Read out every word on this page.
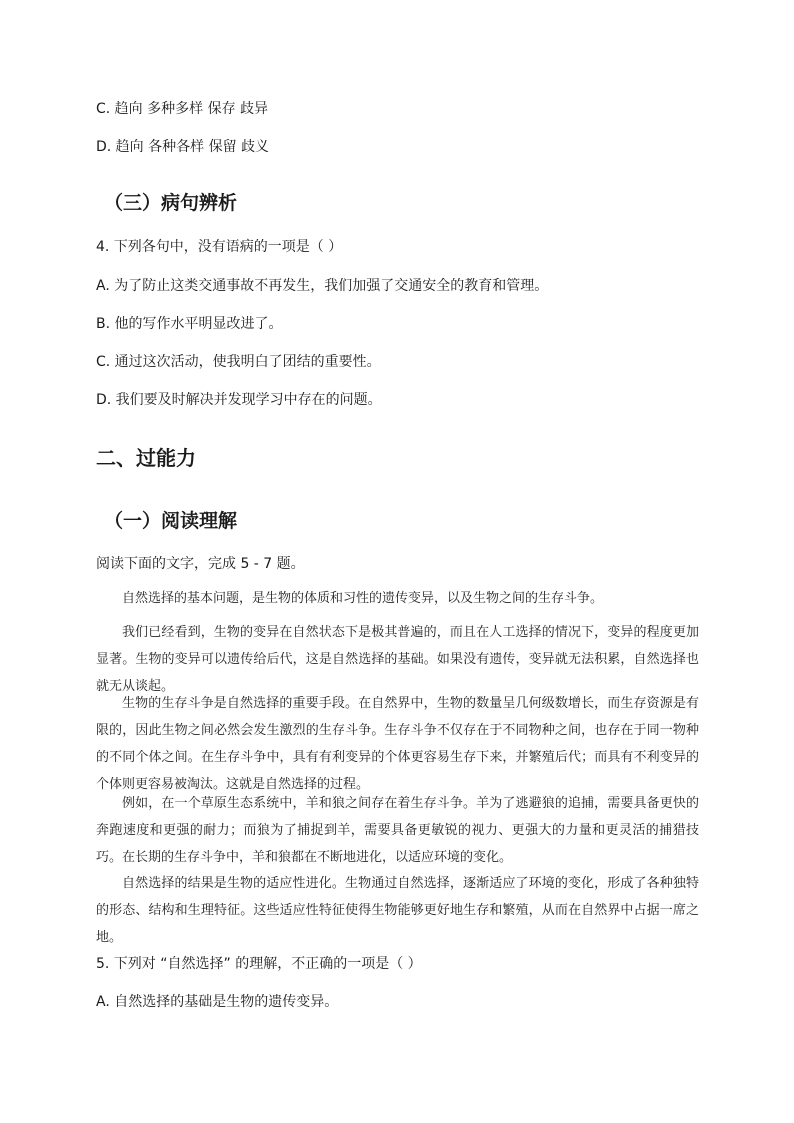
C. 趋向 多种多样 保存 歧异
D. 趋向 各种各样 保留 歧义
（三）病句辨析
4. 下列各句中，没有语病的一项是（ ）
A. 为了防止这类交通事故不再发生，我们加强了交通安全的教育和管理。
B. 他的写作水平明显改进了。
C. 通过这次活动，使我明白了团结的重要性。
D. 我们要及时解决并发现学习中存在的问题。
二、过能力
（一）阅读理解
阅读下面的文字，完成 5 - 7 题。

自然选择的基本问题，是生物的体质和习性的遗传变异，以及生物之间的生存斗争。

我们已经看到，生物的变异在自然状态下是极其普遍的，而且在人工选择的情况下，变异的程度更加显著。生物的变异可以遗传给后代，这是自然选择的基础。如果没有遗传，变异就无法积累，自然选择也就无从谈起。

生物的生存斗争是自然选择的重要手段。在自然界中，生物的数量呈几何级数增长，而生存资源是有限的，因此生物之间必然会发生激烈的生存斗争。生存斗争不仅存在于不同物种之间，也存在于同一物种的不同个体之间。在生存斗争中，具有有利变异的个体更容易生存下来，并繁殖后代；而具有不利变异的个体则更容易被淘汰。这就是自然选择的过程。

例如，在一个草原生态系统中，羊和狼之间存在着生存斗争。羊为了逃避狼的追捕，需要具备更快的奔跑速度和更强的耐力；而狼为了捕捉到羊，需要具备更敏锐的视力、更强大的力量和更灵活的捕猎技巧。在长期的生存斗争中，羊和狼都在不断地进化，以适应环境的变化。

自然选择的结果是生物的适应性进化。生物通过自然选择，逐渐适应了环境的变化，形成了各种独特的形态、结构和生理特征。这些适应性特征使得生物能够更好地生存和繁殖，从而在自然界中占据一席之地。

5. 下列对 “自然选择” 的理解，不正确的一项是（ ）
A. 自然选择的基础是生物的遗传变异。
